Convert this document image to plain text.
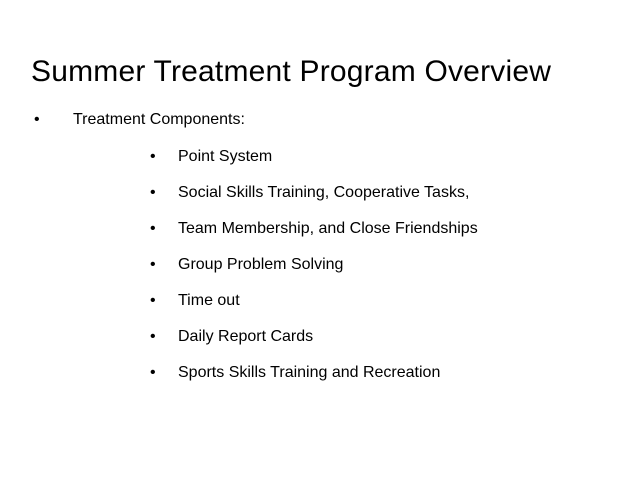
Summer Treatment Program Overview
• Treatment Components:
• Point System
• Social Skills Training, Cooperative Tasks,
• Team Membership, and Close Friendships
• Group Problem Solving
• Time out
• Daily Report Cards
• Sports Skills Training and Recreation
